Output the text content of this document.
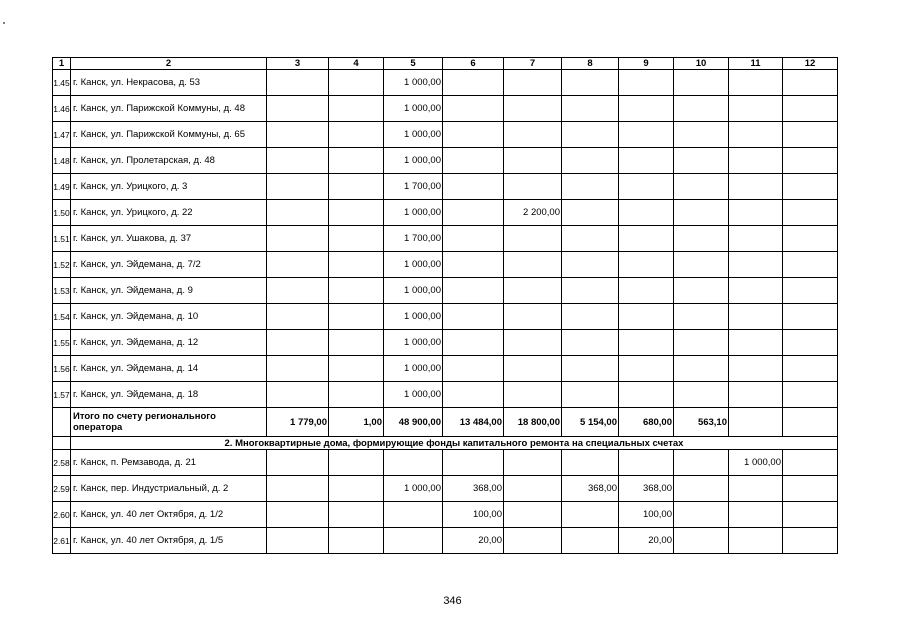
1	2	3	4	5	6	7	8	9	10	11	12
1.45	г. Канск, ул. Некрасова, д. 53			1 000,00							
1.46	г. Канск, ул. Парижской Коммуны, д. 48			1 000,00							
1.47	г. Канск, ул. Парижской Коммуны, д. 65			1 000,00							
1.48	г. Канск, ул. Пролетарская, д. 48			1 000,00							
1.49	г. Канск, ул. Урицкого, д. 3			1 700,00							
1.50	г. Канск, ул. Урицкого, д. 22			1 000,00		2 200,00					
1.51	г. Канск, ул. Ушакова, д. 37			1 700,00							
1.52	г. Канск, ул. Эйдемана, д. 7/2			1 000,00							
1.53	г. Канск, ул. Эйдемана, д. 9			1 000,00							
1.54	г. Канск, ул. Эйдемана, д. 10			1 000,00							
1.55	г. Канск, ул. Эйдемана, д. 12			1 000,00							
1.56	г. Канск, ул. Эйдемана, д. 14			1 000,00							
1.57	г. Канск, ул. Эйдемана, д. 18			1 000,00							
	Итого по счету регионального оператора	1 779,00	1,00	48 900,00	13 484,00	18 800,00	5 154,00	680,00	563,10		
	2. Многоквартирные дома, формирующие фонды капитального ремонта на специальных счетах										
2.58	г. Канск, п. Ремзавода, д. 21									1 000,00	
2.59	г. Канск, пер. Индустриальный, д. 2			1 000,00	368,00		368,00	368,00			
2.60	г. Канск, ул. 40 лет Октября, д. 1/2				100,00			100,00			
2.61	г. Канск, ул. 40 лет Октября, д. 1/5				20,00			20,00			
346
